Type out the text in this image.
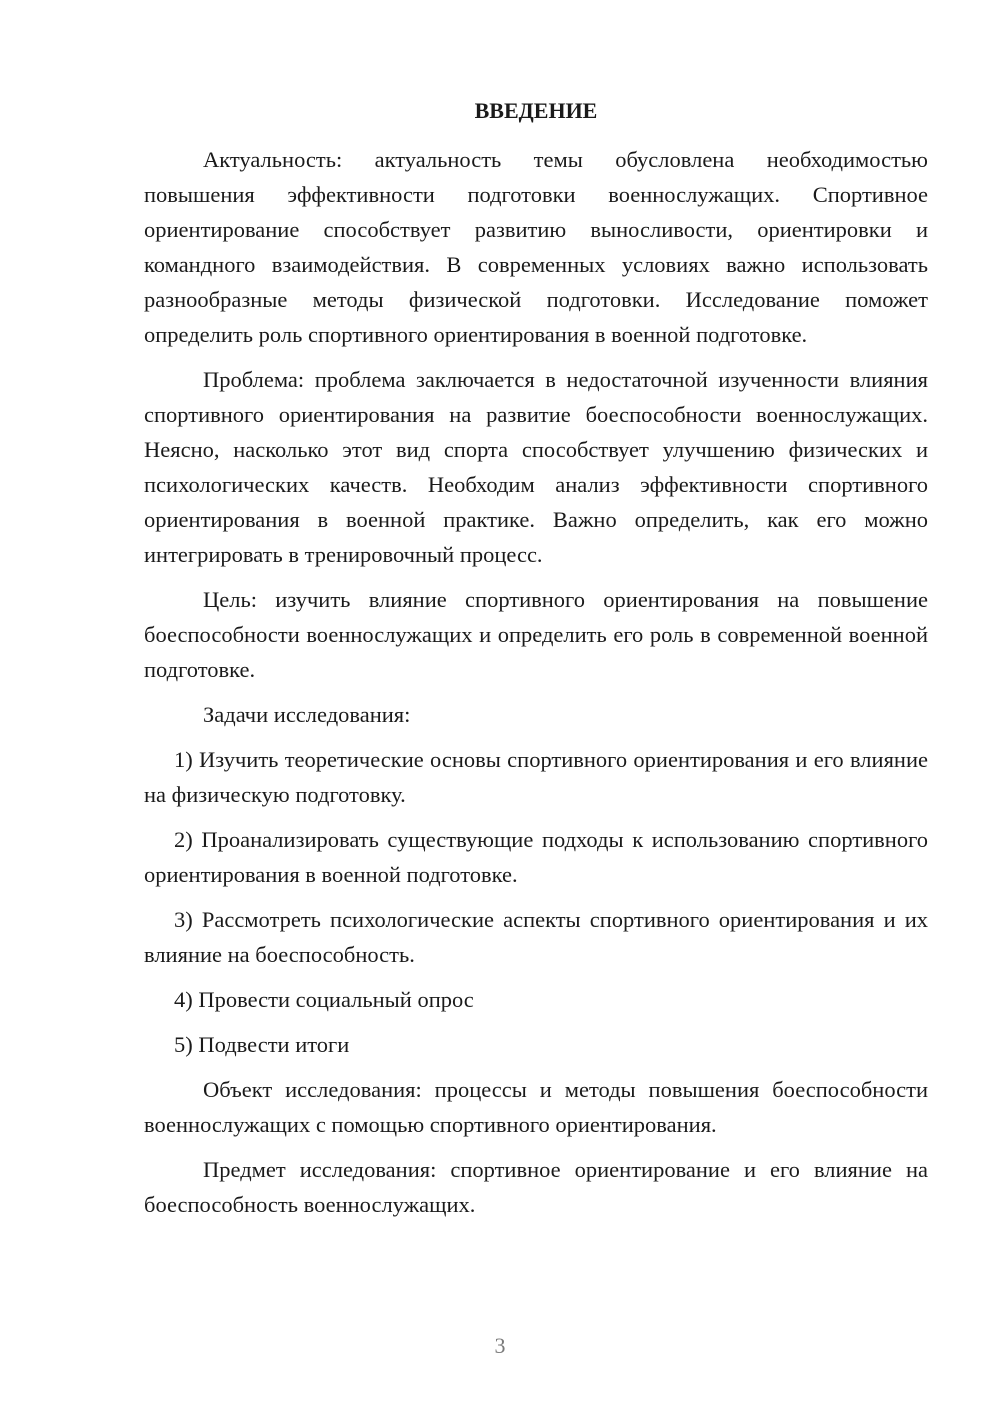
ВВЕДЕНИЕ

Актуальность: актуальность темы обусловлена необходимостью повышения эффективности подготовки военнослужащих. Спортивное ориентирование способствует развитию выносливости, ориентировки и командного взаимодействия. В современных условиях важно использовать разнообразные методы физической подготовки. Исследование поможет определить роль спортивного ориентирования в военной подготовке.

Проблема: проблема заключается в недостаточной изученности влияния спортивного ориентирования на развитие боеспособности военнослужащих. Неясно, насколько этот вид спорта способствует улучшению физических и психологических качеств. Необходим анализ эффективности спортивного ориентирования в военной практике. Важно определить, как его можно интегрировать в тренировочный процесс.

Цель: изучить влияние спортивного ориентирования на повышение боеспособности военнослужащих и определить его роль в современной военной подготовке.

Задачи исследования:

1) Изучить теоретические основы спортивного ориентирования и его влияние на физическую подготовку.

2) Проанализировать существующие подходы к использованию спортивного ориентирования в военной подготовке.

3) Рассмотреть психологические аспекты спортивного ориентирования и их влияние на боеспособность.

4) Провести социальный опрос

5) Подвести итоги

Объект исследования: процессы и методы повышения боеспособности военнослужащих с помощью спортивного ориентирования.

Предмет исследования: спортивное ориентирование и его влияние на боеспособность военнослужащих.

3
